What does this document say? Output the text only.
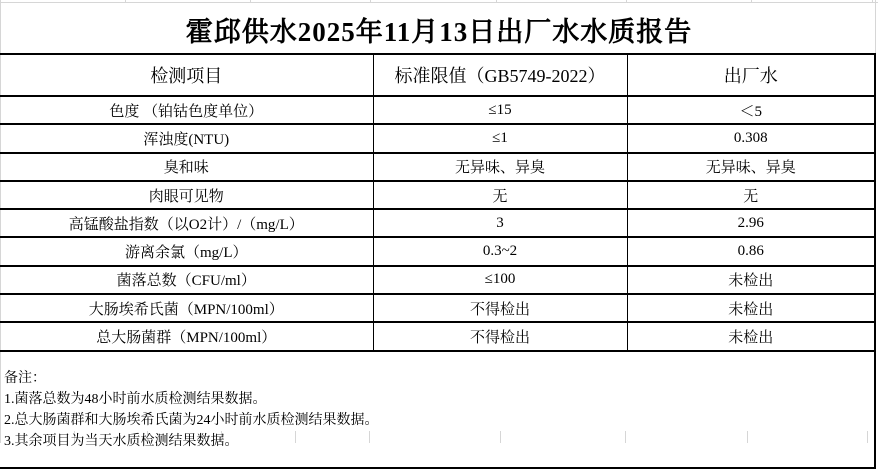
霍邱供水2025年11月13日出厂水水质报告
检测项目	标准限值（GB5749-2022）	出厂水
色度 （铂钴色度单位）	≤15	＜5
浑浊度(NTU)	≤1	0.308
臭和味	无异味、异臭	无异味、异臭
肉眼可见物	无	无
高锰酸盐指数（以O2计）/（mg/L）	3	2.96
游离余氯（mg/L）	0.3~2	0.86
菌落总数（CFU/ml）	≤100	未检出
大肠埃希氏菌（MPN/100ml）	不得检出	未检出
总大肠菌群（MPN/100ml）	不得检出	未检出

备注：
1.菌落总数为48小时前水质检测结果数据。
2.总大肠菌群和大肠埃希氏菌为24小时前水质检测结果数据。
3.其余项目为当天水质检测结果数据。		
